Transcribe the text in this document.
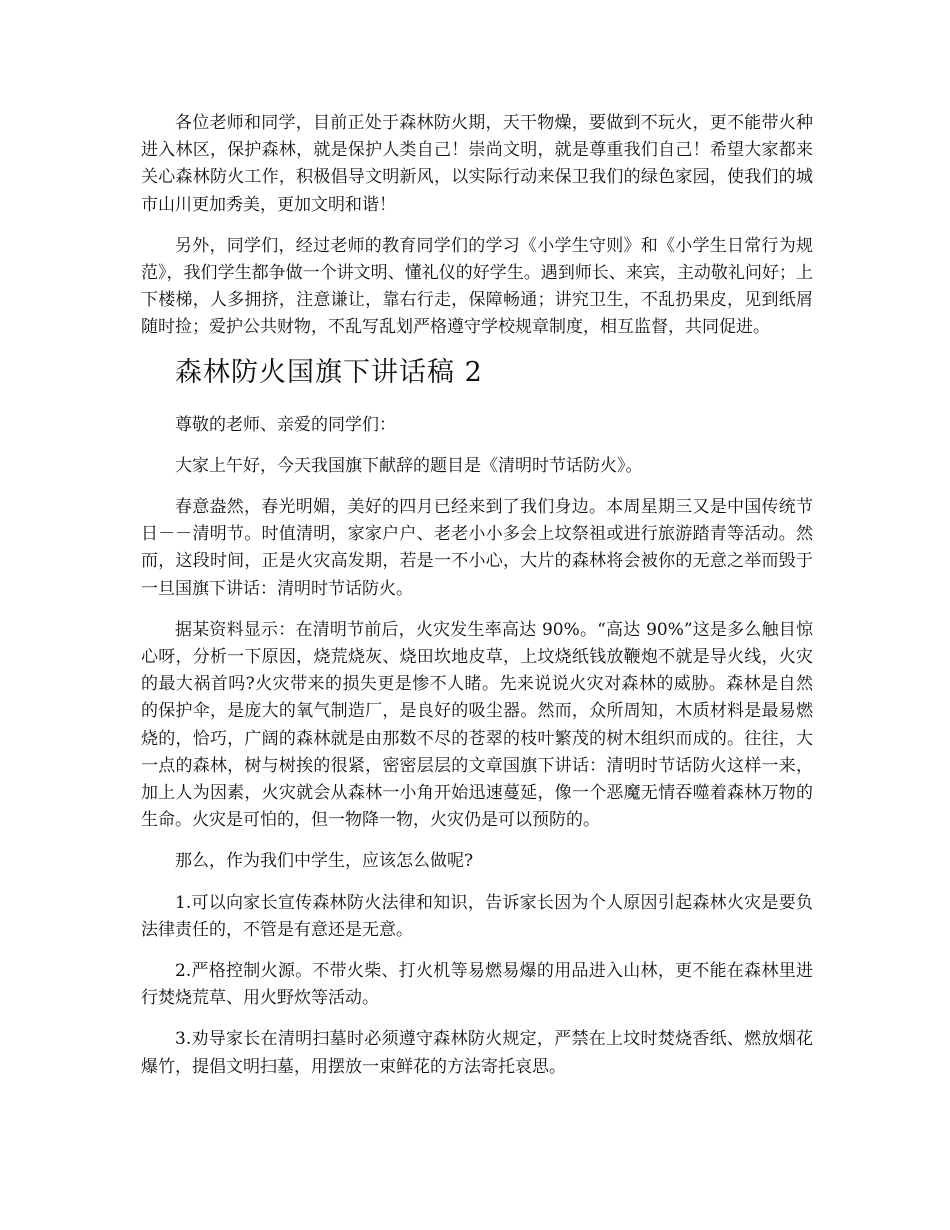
各位老师和同学，目前正处于森林防火期，天干物燥，要做到不玩火，更不能带火种进入林区，保护森林，就是保护人类自己！崇尚文明，就是尊重我们自己！希望大家都来关心森林防火工作，积极倡导文明新风，以实际行动来保卫我们的绿色家园，使我们的城市山川更加秀美，更加文明和谐！

另外，同学们，经过老师的教育同学们的学习《小学生守则》和《小学生日常行为规范》，我们学生都争做一个讲文明、懂礼仪的好学生。遇到师长、来宾，主动敬礼问好；上下楼梯，人多拥挤，注意谦让，靠右行走，保障畅通；讲究卫生，不乱扔果皮，见到纸屑随时捡；爱护公共财物，不乱写乱划严格遵守学校规章制度，相互监督，共同促进。

森林防火国旗下讲话稿 2

尊敬的老师、亲爱的同学们：

大家上午好，今天我国旗下献辞的题目是《清明时节话防火》。

春意盎然，春光明媚，美好的四月已经来到了我们身边。本周星期三又是中国传统节日－－清明节。时值清明，家家户户、老老小小多会上坟祭祖或进行旅游踏青等活动。然而，这段时间，正是火灾高发期，若是一不小心，大片的森林将会被你的无意之举而毁于一旦国旗下讲话：清明时节话防火。

据某资料显示：在清明节前后，火灾发生率高达 90%。“高达 90%”这是多么触目惊心呀，分析一下原因，烧荒烧灰、烧田坎地皮草，上坟烧纸钱放鞭炮不就是导火线，火灾的最大祸首吗?火灾带来的损失更是惨不人睹。先来说说火灾对森林的威胁。森林是自然的保护伞，是庞大的氧气制造厂，是良好的吸尘器。然而，众所周知，木质材料是最易燃烧的，恰巧，广阔的森林就是由那数不尽的苍翠的枝叶繁茂的树木组织而成的。往往，大一点的森林，树与树挨的很紧，密密层层的文章国旗下讲话：清明时节话防火这样一来，加上人为因素，火灾就会从森林一小角开始迅速蔓延，像一个恶魔无情吞噬着森林万物的生命。火灾是可怕的，但一物降一物，火灾仍是可以预防的。

那么，作为我们中学生，应该怎么做呢?

1.可以向家长宣传森林防火法律和知识，告诉家长因为个人原因引起森林火灾是要负法律责任的，不管是有意还是无意。

2.严格控制火源。不带火柴、打火机等易燃易爆的用品进入山林，更不能在森林里进行焚烧荒草、用火野炊等活动。

3.劝导家长在清明扫墓时必须遵守森林防火规定，严禁在上坟时焚烧香纸、燃放烟花爆竹，提倡文明扫墓，用摆放一束鲜花的方法寄托哀思。
